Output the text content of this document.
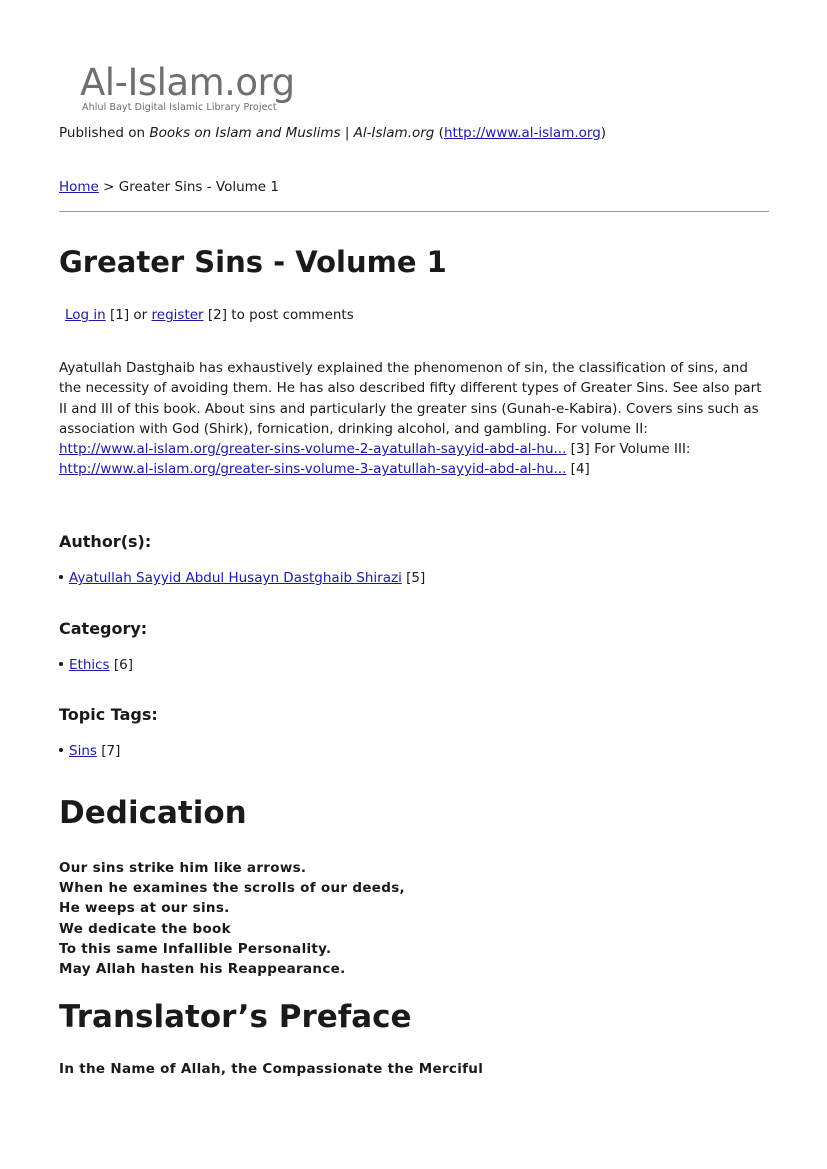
Al-Islam.org
Ahlul Bayt Digital Islamic Library Project
Published on Books on Islam and Muslims | Al-Islam.org (http://www.al-islam.org)
Home > Greater Sins - Volume 1
Greater Sins - Volume 1
Log in [1] or register [2] to post comments

Ayatullah Dastghaib has exhaustively explained the phenomenon of sin, the classification of sins, and the necessity of avoiding them. He has also described fifty different types of Greater Sins. See also part II and III of this book. About sins and particularly the greater sins (Gunah-e-Kabira). Covers sins such as association with God (Shirk), fornication, drinking alcohol, and gambling. For volume II:
http://www.al-islam.org/greater-sins-volume-2-ayatullah-sayyid-abd-al-hu... [3] For Volume III: http://www.al-islam.org/greater-sins-volume-3-ayatullah-sayyid-abd-al-hu... [4]

Author(s):
Ayatullah Sayyid Abdul Husayn Dastghaib Shirazi [5]
Category:
Ethics [6]
Topic Tags:
Sins [7]
Dedication
Our sins strike him like arrows.
When he examines the scrolls of our deeds,
He weeps at our sins.
We dedicate the book
To this same Infallible Personality.
May Allah hasten his Reappearance.
Translator’s Preface
In the Name of Allah, the Compassionate the Merciful
